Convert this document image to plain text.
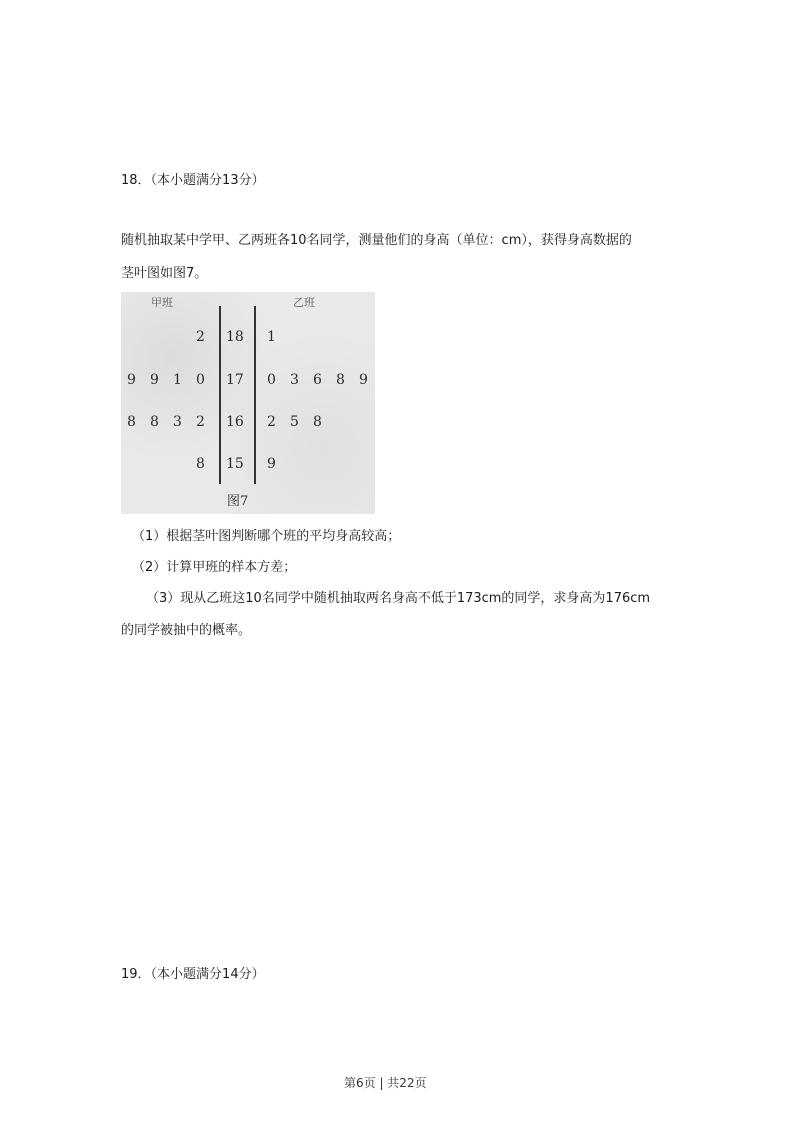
18．（本小题满分13分）
随机抽取某中学甲、乙两班各10名同学，测量他们的身高（单位：cm），获得身高数据的
茎叶图如图7。
甲班	乙班
2 18 1
9 9 1 0 17 0 3 6 8 9
8 8 3 2 16 2 5 8
8 15 9
图7
（1）根据茎叶图判断哪个班的平均身高较高；
（2）计算甲班的样本方差；
（3）现从乙班这10名同学中随机抽取两名身高不低于173cm的同学，求身高为176cm
的同学被抽中的概率。
19．（本小题满分14分）
第6页 | 共22页
